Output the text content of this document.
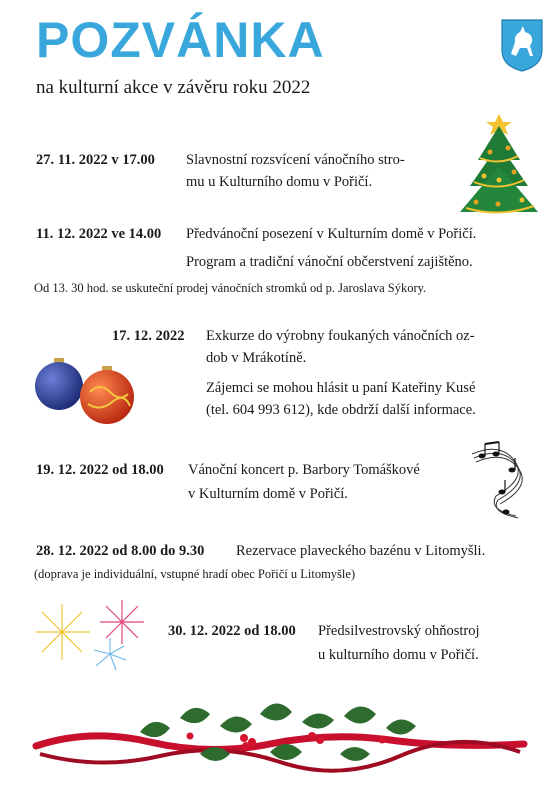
POZVÁNKA
na kulturní akce v závěru roku 2022
27. 11. 2022 v 17.00 Slavnostní rozsvícení vánočního stro-
mu u Kulturního domu v Pořičí.
11. 12. 2022 ve 14.00 Předvánoční posezení v Kulturním domě v Pořičí.
Program a tradiční vánoční občerstvení zajištěno.
Od 13. 30 hod. se uskuteční prodej vánočních stromků od p. Jaroslava Sýkory.
17. 12. 2022 Exkurze do výrobny foukaných vánočních oz-
dob v Mrákotíně.
Zájemci se mohou hlásit u paní Kateřiny Kusé
(tel. 604 993 612), kde obdrží další informace.
19. 12. 2022 od 18.00 Vánoční koncert p. Barbory Tomáškové
v Kulturním domě v Pořičí.
28. 12. 2022 od 8.00 do 9.30 Rezervace plaveckého bazénu v Litomyšli.
(doprava je individuální, vstupné hradí obec Pořičí u Litomyšle)
30. 12. 2022 od 18.00 Předsilvestrovský ohňostroj
u kulturního domu v Pořičí.
